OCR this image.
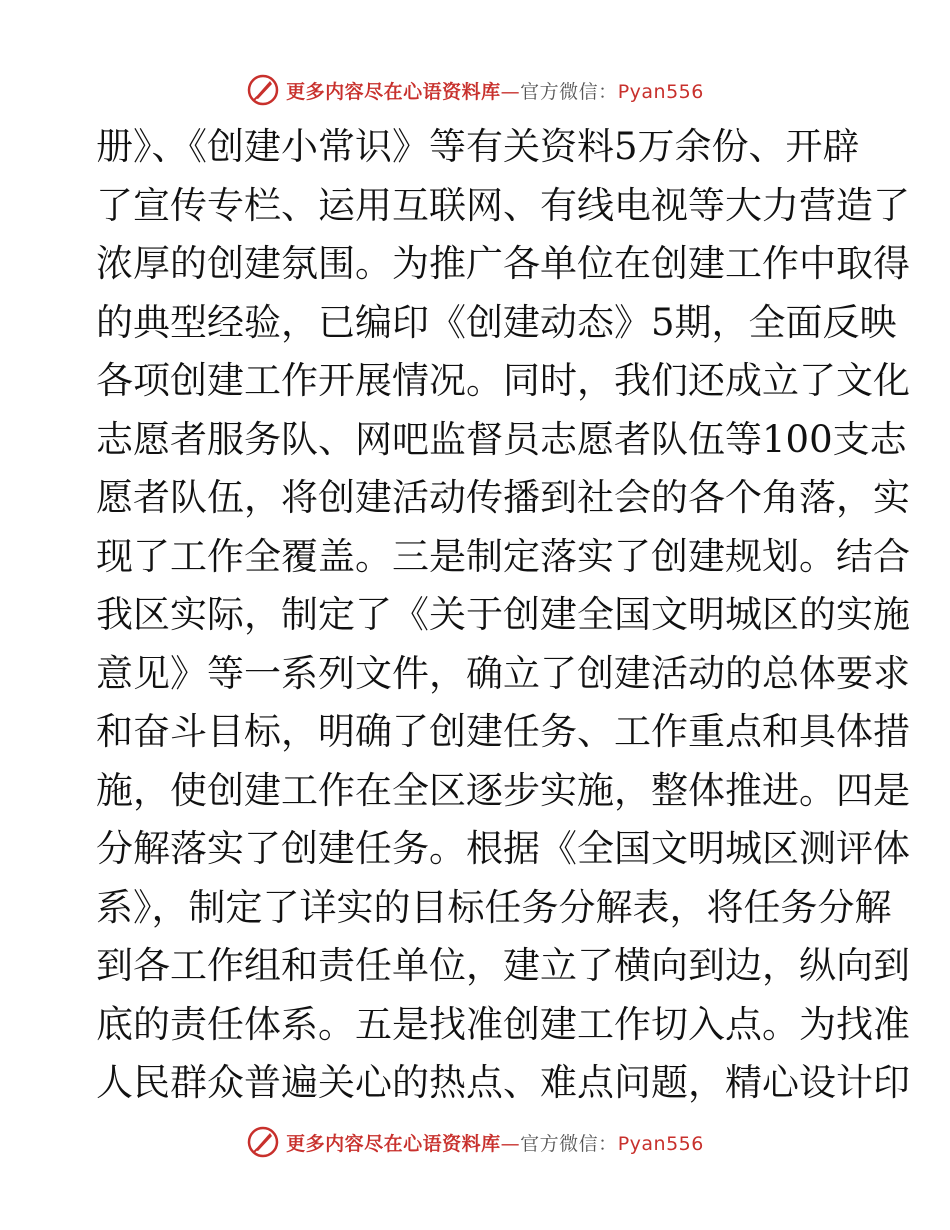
更多内容尽在心语资料库—官方微信：Pyan556
册》、《创建小常识》等有关资料5万余份、开辟
了宣传专栏、运用互联网、有线电视等大力营造了
浓厚的创建氛围。为推广各单位在创建工作中取得
的典型经验，已编印《创建动态》5期，全面反映
各项创建工作开展情况。同时，我们还成立了文化
志愿者服务队、网吧监督员志愿者队伍等100支志
愿者队伍，将创建活动传播到社会的各个角落，实
现了工作全覆盖。三是制定落实了创建规划。结合
我区实际，制定了《关于创建全国文明城区的实施
意见》等一系列文件，确立了创建活动的总体要求
和奋斗目标，明确了创建任务、工作重点和具体措
施，使创建工作在全区逐步实施，整体推进。四是
分解落实了创建任务。根据《全国文明城区测评体
系》，制定了详实的目标任务分解表，将任务分解
到各工作组和责任单位，建立了横向到边，纵向到
底的责任体系。五是找准创建工作切入点。为找准
人民群众普遍关心的热点、难点问题，精心设计印
更多内容尽在心语资料库—官方微信：Pyan556
